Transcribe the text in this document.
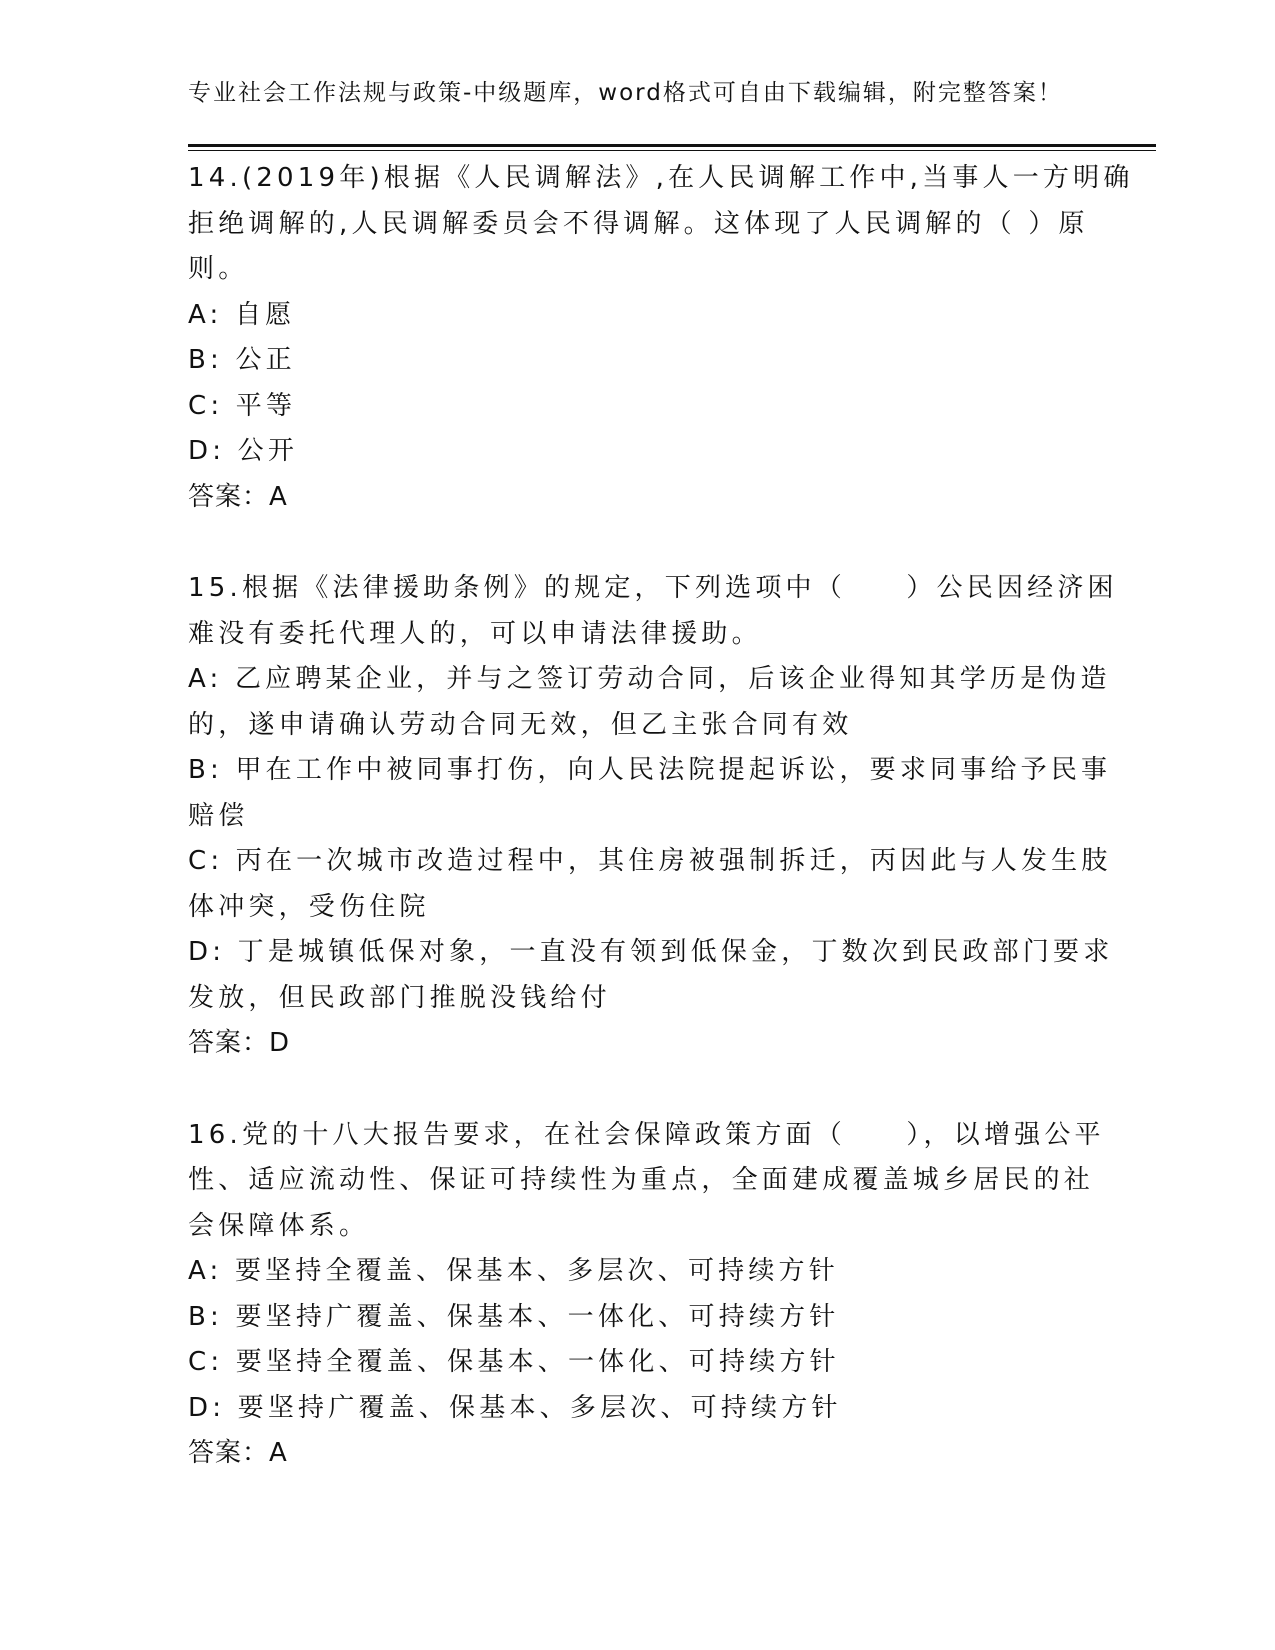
专业社会工作法规与政策-中级题库，word格式可自由下载编辑，附完整答案！
14.(2019年)根据《人民调解法》,在人民调解工作中,当事人一方明确
拒绝调解的,人民调解委员会不得调解。这体现了人民调解的（ ）原
则。
A: 自愿
B: 公正
C: 平等
D: 公开
答案：A
15.根据《法律援助条例》的规定，下列选项中（　　）公民因经济困
难没有委托代理人的，可以申请法律援助。
A: 乙应聘某企业，并与之签订劳动合同，后该企业得知其学历是伪造
的，遂申请确认劳动合同无效，但乙主张合同有效
B: 甲在工作中被同事打伤，向人民法院提起诉讼，要求同事给予民事
赔偿
C: 丙在一次城市改造过程中，其住房被强制拆迁，丙因此与人发生肢
体冲突，受伤住院
D: 丁是城镇低保对象，一直没有领到低保金，丁数次到民政部门要求
发放，但民政部门推脱没钱给付
答案：D
16.党的十八大报告要求，在社会保障政策方面（　　），以增强公平
性、适应流动性、保证可持续性为重点，全面建成覆盖城乡居民的社
会保障体系。
A: 要坚持全覆盖、保基本、多层次、可持续方针
B: 要坚持广覆盖、保基本、一体化、可持续方针
C: 要坚持全覆盖、保基本、一体化、可持续方针
D: 要坚持广覆盖、保基本、多层次、可持续方针
答案：A
